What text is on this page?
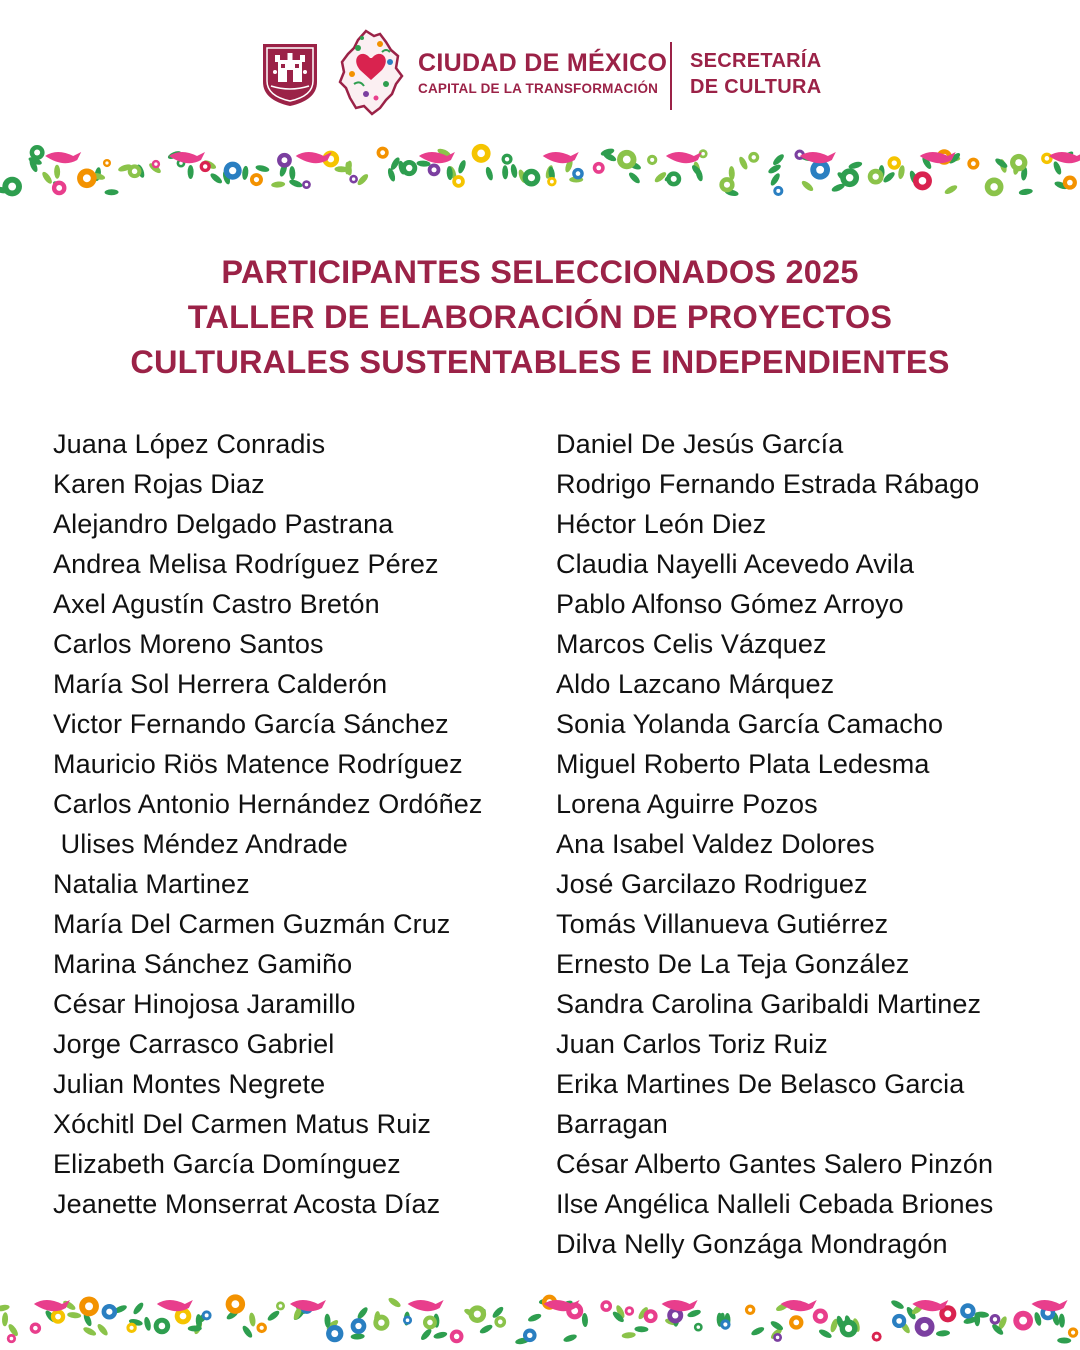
CIUDAD DE MÉXICO
CAPITAL DE LA TRANSFORMACIÓN
SECRETARÍA
DE CULTURA
PARTICIPANTES SELECCIONADOS 2025
TALLER DE ELABORACIÓN DE PROYECTOS
CULTURALES SUSTENTABLES E INDEPENDIENTES
Juana López Conradis
Karen Rojas Diaz
Alejandro Delgado Pastrana
Andrea Melisa Rodríguez Pérez
Axel Agustín Castro Bretón
Carlos Moreno Santos
María Sol Herrera Calderón
Victor Fernando García Sánchez
Mauricio Riös Matence Rodríguez
Carlos Antonio Hernández Ordóñez
Ulises Méndez Andrade
Natalia Martinez
María Del Carmen Guzmán Cruz
Marina Sánchez Gamiño
César Hinojosa Jaramillo
Jorge Carrasco Gabriel
Julian Montes Negrete
Xóchitl Del Carmen Matus Ruiz
Elizabeth García Domínguez
Jeanette Monserrat Acosta Díaz
Daniel De Jesús García
Rodrigo Fernando Estrada Rábago
Héctor León Diez
Claudia Nayelli Acevedo Avila
Pablo Alfonso Gómez Arroyo
Marcos Celis Vázquez
Aldo Lazcano Márquez
Sonia Yolanda García Camacho
Miguel Roberto Plata Ledesma
Lorena Aguirre Pozos
Ana Isabel Valdez Dolores
José Garcilazo Rodriguez
Tomás Villanueva Gutiérrez
Ernesto De La Teja González
Sandra Carolina Garibaldi Martinez
Juan Carlos Toriz Ruiz
Erika Martines De Belasco Garcia
Barragan
César Alberto Gantes Salero Pinzón
Ilse Angélica Nalleli Cebada Briones
Dilva Nelly Gonzága Mondragón
